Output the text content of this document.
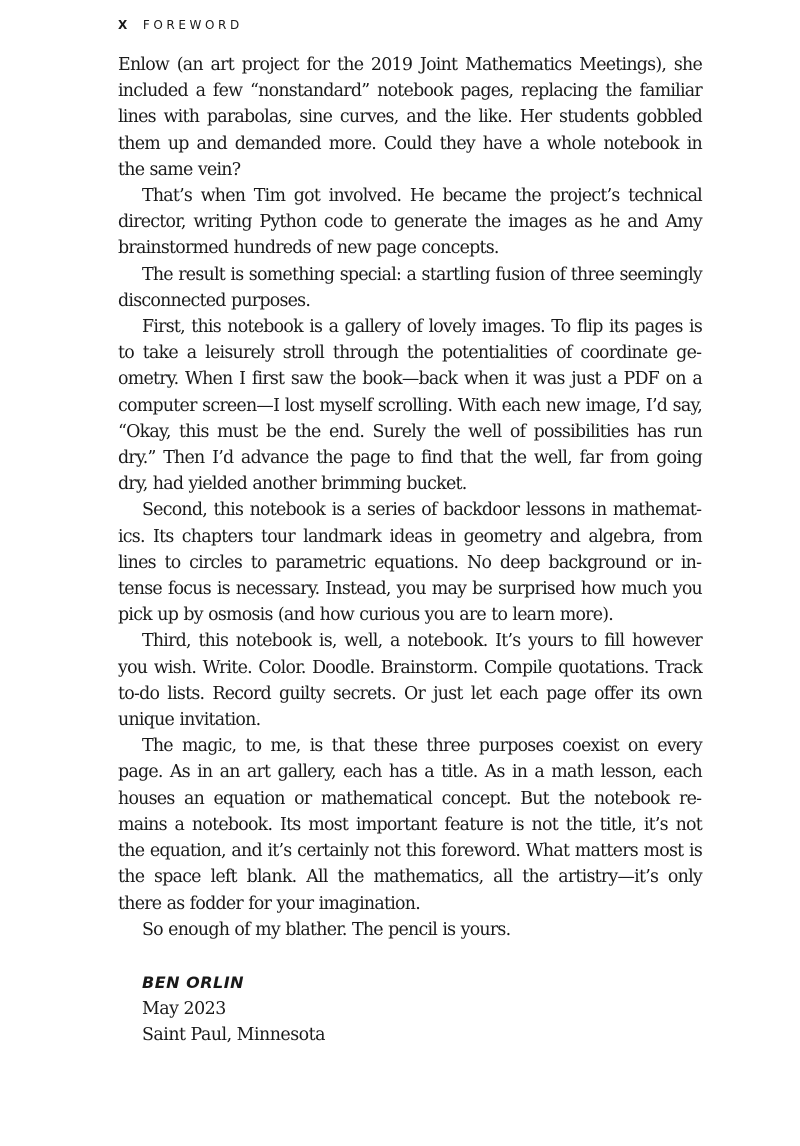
X FOREWORD

Enlow (an art project for the 2019 Joint Mathematics Meetings), she included a few “nonstandard” notebook pages, replacing the familiar lines with parabolas, sine curves, and the like. Her students gobbled them up and demanded more. Could they have a whole notebook in the same vein?

That’s when Tim got involved. He became the project’s technical director, writing Python code to generate the images as he and Amy brainstormed hundreds of new page concepts.

The result is something special: a startling fusion of three seemingly disconnected purposes.

First, this notebook is a gallery of lovely images. To flip its pages is to take a leisurely stroll through the potentialities of coordinate geometry. When I first saw the book—back when it was just a PDF on a computer screen—I lost myself scrolling. With each new image, I’d say, “Okay, this must be the end. Surely the well of possibilities has run dry.” Then I’d advance the page to find that the well, far from going dry, had yielded another brimming bucket.

Second, this notebook is a series of backdoor lessons in mathematics. Its chapters tour landmark ideas in geometry and algebra, from lines to circles to parametric equations. No deep background or intense focus is necessary. Instead, you may be surprised how much you pick up by osmosis (and how curious you are to learn more).

Third, this notebook is, well, a notebook. It’s yours to fill however you wish. Write. Color. Doodle. Brainstorm. Compile quotations. Track to-do lists. Record guilty secrets. Or just let each page offer its own unique invitation.

The magic, to me, is that these three purposes coexist on every page. As in an art gallery, each has a title. As in a math lesson, each houses an equation or mathematical concept. But the notebook remains a notebook. Its most important feature is not the title, it’s not the equation, and it’s certainly not this foreword. What matters most is the space left blank. All the mathematics, all the artistry—it’s only there as fodder for your imagination.

So enough of my blather. The pencil is yours.

BEN ORLIN
May 2023
Saint Paul, Minnesota
